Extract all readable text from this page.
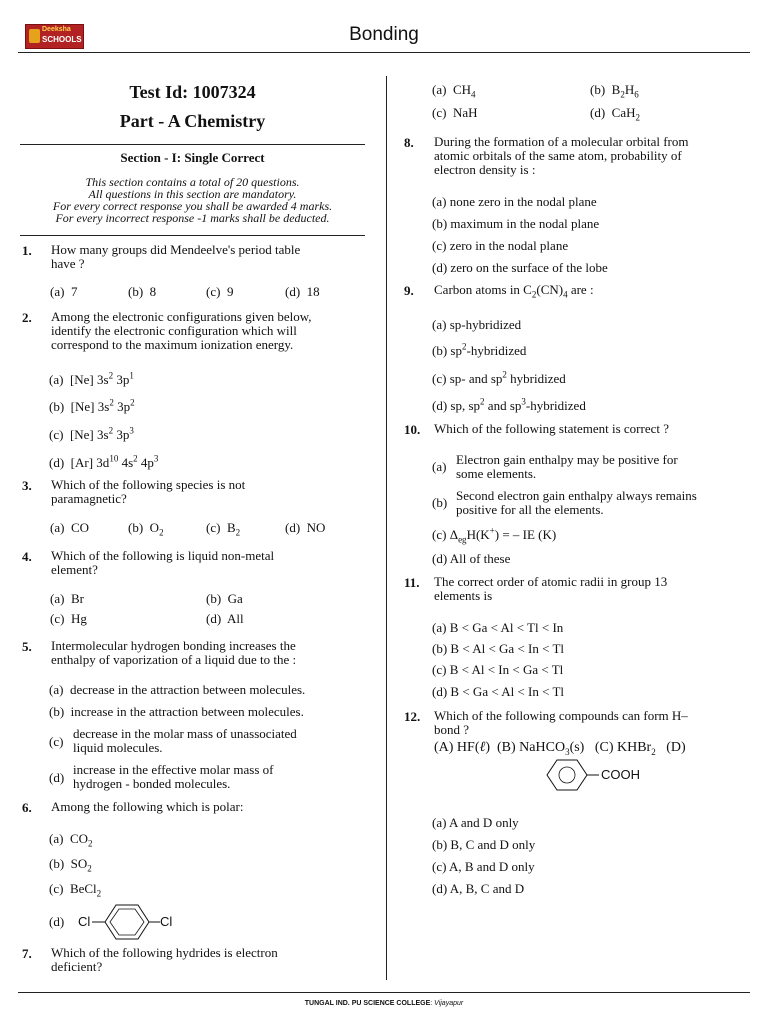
Deeksha
SCHOOLS	Bonding
Test Id: 1007324
Part - A Chemistry
Section - I: Single Correct
This section contains a total of 20 questions.
All questions in this section are mandatory.
For every correct response you shall be awarded 4 marks.
For every incorrect response -1 marks shall be deducted.
1. How many groups did Mendeelve's period table
have ?
(a) 7	(b) 8	(c) 9	(d) 18
2. Among the electronic configurations given below,
identify the electronic configuration which will
correspond to the maximum ionization energy.
(a)  [Ne] $3s^2$ $3p^1$
(b)  [Ne] $3s^2$ $3p^2$
(c)  [Ne] $3s^2$ $3p^3$
(d)  [Ar] $3d^{10}$ $4s^2$ $4p^3$
3. Which of the following species is not
paramagnetic?
(a) CO	(b)  $O_2$	(c)  $B_2$	(d) NO
4. Which of the following is liquid non-metal
element?
(a) Br	(b) Ga
(c) Hg	(d) All
5. Intermolecular hydrogen bonding increases the
enthalpy of vaporization of a liquid due to the :
(a) decrease in the attraction between molecules.
(b) increase in the attraction between molecules.
(c)
decrease in the molar mass of unassociated
liquid molecules.
(d)
increase in the effective molar mass of
hydrogen - bonded molecules.
6. Among the following which is polar:
(a)  $CO_2$
(b)  $SO_2$
(c)  BeCl$_2$
(d) Cl	Cl
7. Which of the following hydrides is electron
deficient?
(a)  $CH_4$	(b)  $B_2H_6$
(c) NaH	(d)  CaH$_2$
8. During the formation of a molecular orbital from
atomic orbitals of the same atom, probability of
electron density is :
(a) none zero in the nodal plane
(b) maximum in the nodal plane
(c) zero in the nodal plane
(d) zero on the surface of the lobe
9. Carbon atoms in $C_2(CN)_4$ are :
(a) sp-hybridized
(b) $sp^2$-hybridized
(c) sp- and $sp^2$ hybridized
(d) sp, $sp^2$ and $sp^3$-hybridized
10. Which of the following statement is correct ?
(a) Electron gain enthalpy may be positive for
some elements.
(b) Second electron gain enthalpy always remains
positive for all the elements.
(c) $\Delta_{eg}H(K^+)$ = – IE (K)
(d) All of these
11. The correct order of atomic radii in group 13
elements is
(a) B < Ga < Al < Tl < In
(b) B < Al < Ga < In < Tl
(c) B < Al < In < Ga < Tl
(d) B < Ga < Al < In < Tl
12. Which of the following compounds can form H–
bond ?
(A) HF(ℓ)  (B) NaHCO$_3$(s)   (C) KHBr$_2$   (D)
COOH
(a) A and D only
(b) B, C and D only
(c) A, B and D only
(d) A, B, C and D
TUNGAL IND. PU SCIENCE COLLEGE: Vijayapur
